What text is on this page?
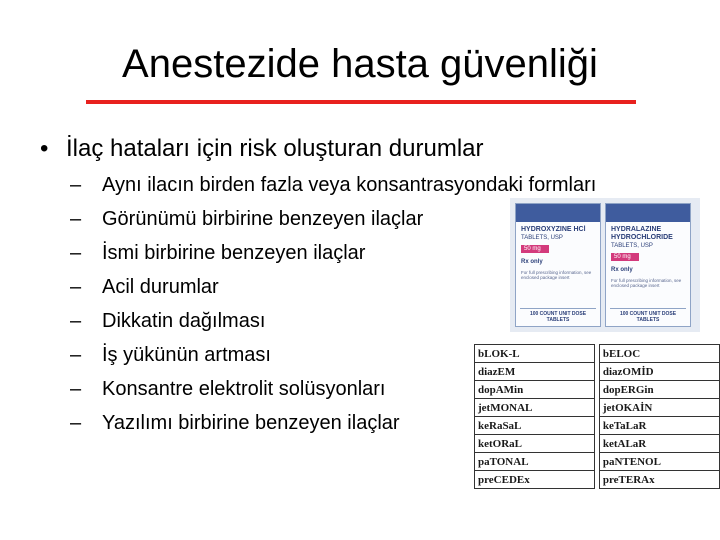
Anestezide hasta güvenliği
• İlaç hataları için risk oluşturan durumlar
– Aynı ilacın birden fazla veya konsantrasyondaki formları
– Görünümü birbirine benzeyen ilaçlar
– İsmi birbirine benzeyen ilaçlar
– Acil durumlar
– Dikkatin dağılması
– İş yükünün artması
– Konsantre elektrolit solüsyonları
– Yazılımı birbirine benzeyen ilaçlar
HYDROXYZINE HCl
TABLETS, USP
50 mg
Rx only
For full prescribing information, see enclosed package insert
100 COUNT UNIT DOSE TABLETS
HYDRALAZINE HYDROCHLORIDE
TABLETS, USP
50 mg
Rx only
For full prescribing information, see enclosed package insert
100 COUNT UNIT DOSE TABLETS
bLOK-L		bELOC
diazEM		diazOMİD
dopAMin		dopERGin
jetMONAL		jetOKAİN
keRaSaL		keTaLaR
ketORaL		ketALaR
paTONAL		paNTENOL
preCEDEx		preTERAx
